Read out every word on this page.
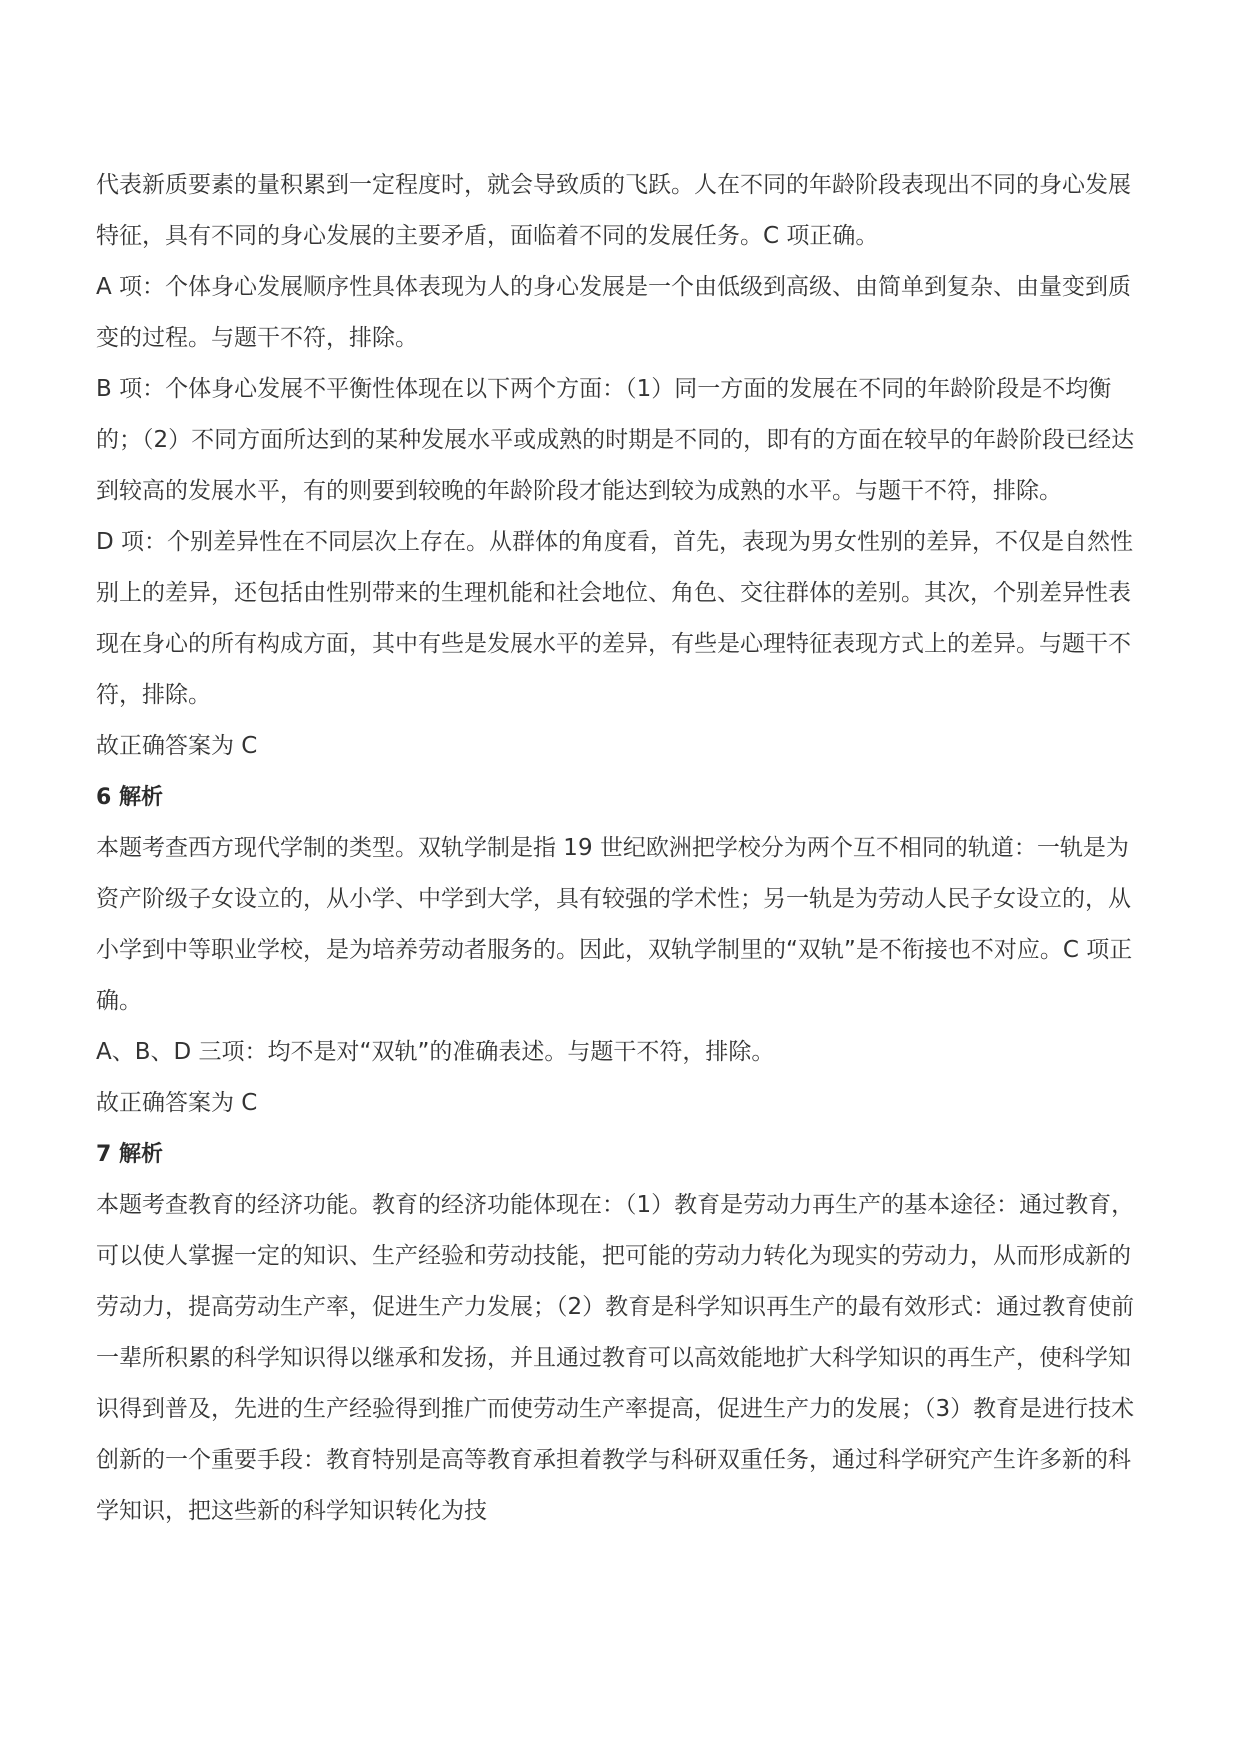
代表新质要素的量积累到一定程度时，就会导致质的飞跃。人在不同的年龄阶段表现出不同的身心发展特征，具有不同的身心发展的主要矛盾，面临着不同的发展任务。C 项正确。

A 项：个体身心发展顺序性具体表现为人的身心发展是一个由低级到高级、由简单到复杂、由量变到质变的过程。与题干不符，排除。

B 项：个体身心发展不平衡性体现在以下两个方面：（1）同一方面的发展在不同的年龄阶段是不均衡的；（2）不同方面所达到的某种发展水平或成熟的时期是不同的，即有的方面在较早的年龄阶段已经达到较高的发展水平，有的则要到较晚的年龄阶段才能达到较为成熟的水平。与题干不符，排除。

D 项：个别差异性在不同层次上存在。从群体的角度看，首先，表现为男女性别的差异，不仅是自然性别上的差异，还包括由性别带来的生理机能和社会地位、角色、交往群体的差别。其次，个别差异性表现在身心的所有构成方面，其中有些是发展水平的差异，有些是心理特征表现方式上的差异。与题干不符，排除。

故正确答案为 C

6 解析

本题考查西方现代学制的类型。双轨学制是指 19 世纪欧洲把学校分为两个互不相同的轨道：一轨是为资产阶级子女设立的，从小学、中学到大学，具有较强的学术性；另一轨是为劳动人民子女设立的，从小学到中等职业学校，是为培养劳动者服务的。因此，双轨学制里的“双轨”是不衔接也不对应。C 项正确。

A、B、D 三项：均不是对“双轨”的准确表述。与题干不符，排除。

故正确答案为 C

7 解析

本题考查教育的经济功能。教育的经济功能体现在：（1）教育是劳动力再生产的基本途径：通过教育，可以使人掌握一定的知识、生产经验和劳动技能，把可能的劳动力转化为现实的劳动力，从而形成新的劳动力，提高劳动生产率，促进生产力发展；（2）教育是科学知识再生产的最有效形式：通过教育使前一辈所积累的科学知识得以继承和发扬，并且通过教育可以高效能地扩大科学知识的再生产，使科学知识得到普及，先进的生产经验得到推广而使劳动生产率提高，促进生产力的发展；（3）教育是进行技术创新的一个重要手段：教育特别是高等教育承担着教学与科研双重任务，通过科学研究产生许多新的科学知识，把这些新的科学知识转化为技
